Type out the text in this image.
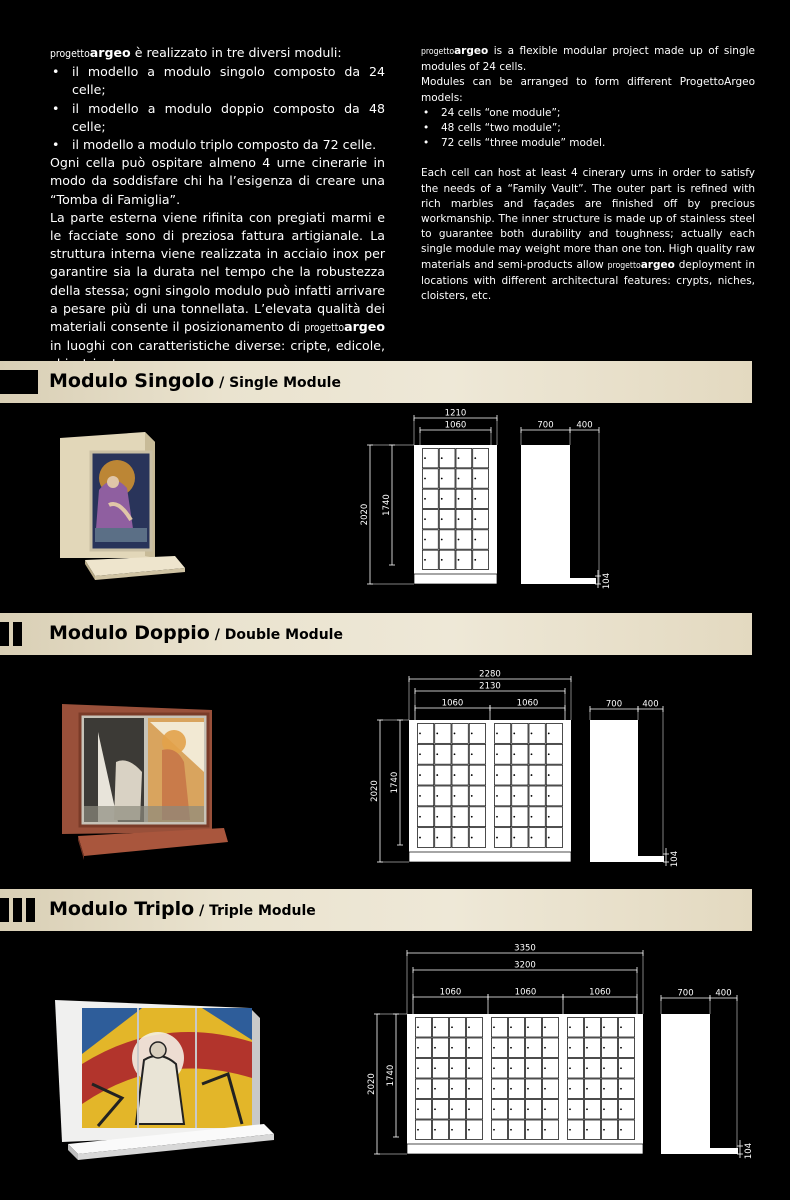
progettoargeo è realizzato in tre diversi moduli:

• il modello a modulo singolo composto da 24 celle;
• il modello a modulo doppio composto da 48 celle;
• il modello a modulo triplo composto da 72 celle.

Ogni cella può ospitare almeno 4 urne cinerarie in modo da soddisfare chi ha l’esigenza di creare una “Tomba di Famiglia”.

La parte esterna viene rifinita con pregiati marmi e le facciate sono di preziosa fattura artigianale. La struttura interna viene realizzata in acciaio inox per garantire sia la durata nel tempo che la robustezza della stessa; ogni singolo modulo può infatti arrivare a pesare più di una tonnellata. L’elevata qualità dei materiali consente il posizionamento di progettoargeo in luoghi con caratteristiche diverse: cripte, edicole,

progettoargeo is a flexible modular project made up of single modules of 24 cells.

Modules can be arranged to form different ProgettoArgeo models:

• 24 cells “one module”;
• 48 cells “two module”;
• 72 cells “three module” model.

Each cell can host at least 4 cinerary urns in order to satisfy the needs of a “Family Vault”. The outer part is refined with rich marbles and façades are finished off by precious workmanship. The inner structure is made up of stainless steel to guarantee both durability and toughness; actually each single module may weight more than one ton. High quality raw materials and semi-products allow progettoargeo deployment in locations with different architectural features: crypts, niches, cloisters, etc.

Modulo Singolo / Single Module
Modulo Doppio / Double Module
Modulo Triplo / Triple Module
1210
1060
2020 1740
700	400
104
2280
2130
1060	1060
2020 1740
700 400
104
3350
3200
1060	1060	1060
2020 1740
700	400
104
